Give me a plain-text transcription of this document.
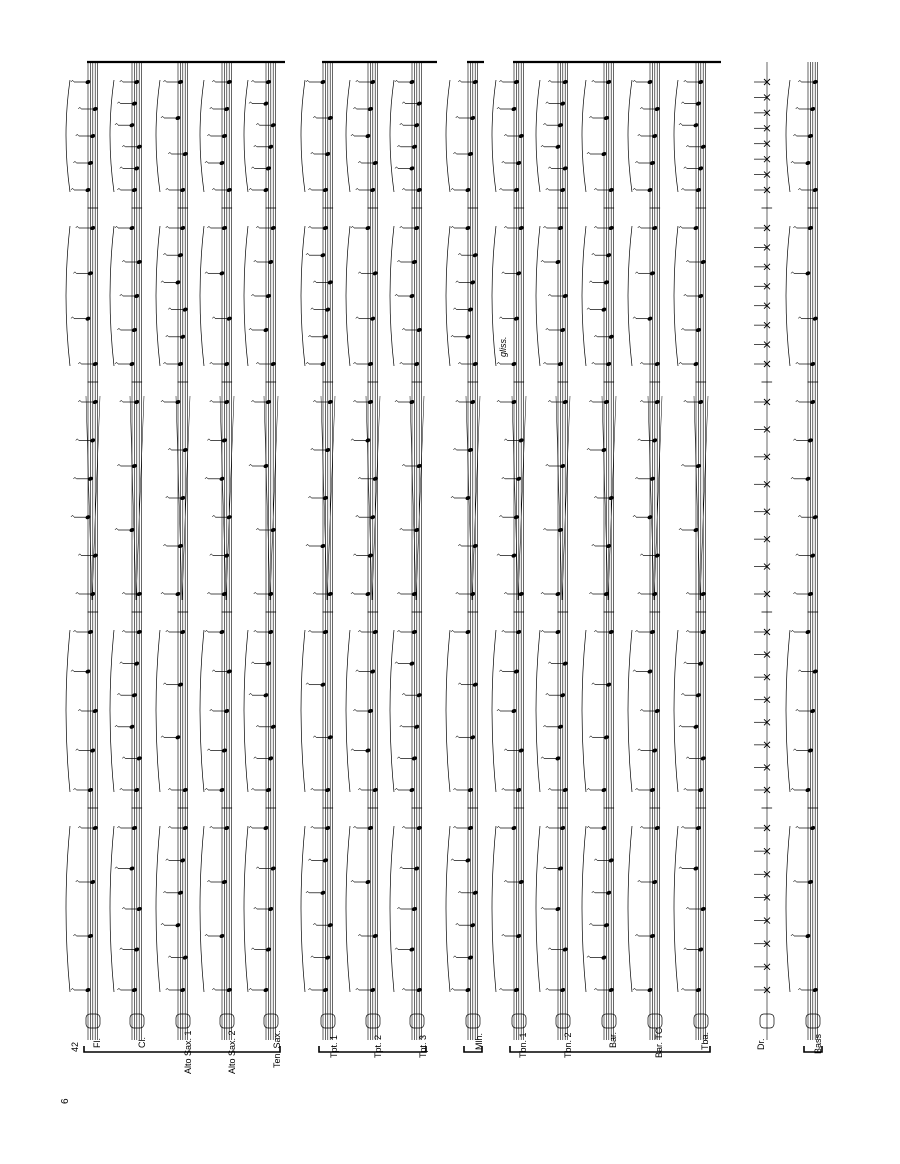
^
^
^
^
^
^
^
^
^
^
^
^
^
^
^
^
^
^
^
^
^
^
^
^
^
^
^
^
^
^
^
^
^
^
^
^
^
^
^
^
^
^
^
^
^
^
^
^
^
^
^
^
^
^
^
^
^
^
^
^
^
^
^
^
^
^
^
^
^
^
^
^
^
^
^
^
^
^
^
^
^
^
^
^
^
^
^
^
^
^
^
^
^
^
^
^
^
^
^
^
^
^
^
^
^
^
^
^
^
^
^
^
^
^
^
^
^
^
^
^
^
^
^
^
^
^
^
^
^
^
^
^
^
^
^
^
^
^
^
^
^
^
^
^
^
^
^
^
^
^
^
^
^
^
^
^
^
^
^
^
^
^
^
^
^
^
^
^
^
^
^
^
^
^
^
^
^
^
^
^
^
^
^
^
^
^
^
^
^
^
^
^
^
^
^
^
^
^
^
^
^
^
^
^
^
^
^
^
^
^
^
^
^
^
^
^
^
^
^
^
^
^
^
^
^
^
^
^
^
^
^
^
^
^
^
^
^
^
^
^
^
^
^
^
^
^
^
^
^
^
^
^
^
^
^
^
^
^
^
^
^
^
^
^
^
^
^
^
^
^
^
^
^
^
^
^
^
^
^
^
^
^
^
^
^
^
^
^
^
^
^
^
^
^
^
^
^
^
^
^
^
^
^
^
^
^
^
^
^
^
^
^
^
^
^
^
^
^
^
^
^
^
^
^
^
^
^
^
^
^
^
^
^
^
^
^
^
^
^
^
^
^
^
^
^
^
^
^
^
^
^
^
^
^
^
^
^
^
^
^
^
^
^
^
^
^
^
^
^
^
^
^
^
^
6
42
gliss.
Fl.	Cl.	Alto Sax. 1	Alto Sax. 2	Ten. Sax.	Tpt. 1	Tpt. 2	Tpt. 3	Mlh.	Tbn. 1	Tbn. 2	Bar.	Bar. TC	Tba.	Dr.	Bass
